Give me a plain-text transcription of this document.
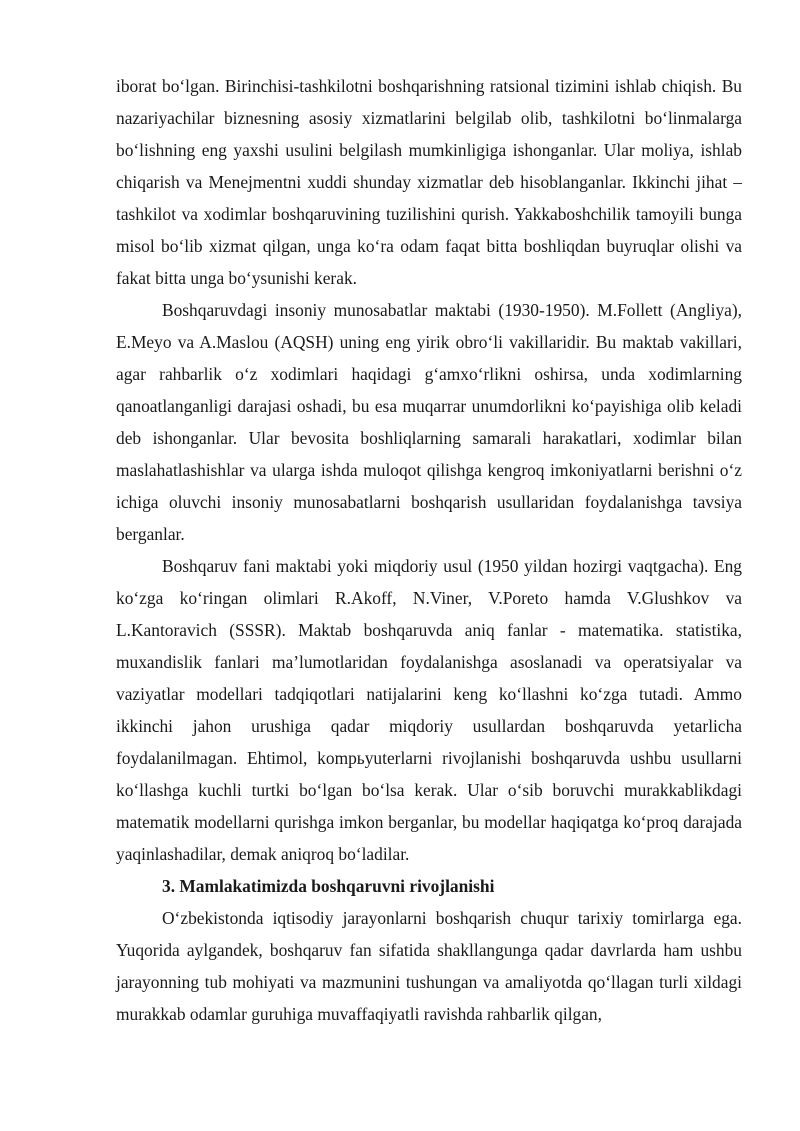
iborat bo‘lgan. Birinchisi-tashkilotni boshqarishning ratsional tizimini ishlab chiqish. Bu nazariyachilar biznesning asosiy xizmatlarini belgilab olib, tashkilotni bo‘linmalarga bo‘lishning eng yaxshi usulini belgilash mumkinligiga ishonganlar. Ular moliya, ishlab chiqarish va Menejmentni xuddi shunday xizmatlar deb hisoblanganlar. Ikkinchi jihat – tashkilot va xodimlar boshqaruvining tuzilishini qurish. Yakkaboshchilik tamoyili bunga misol bo‘lib xizmat qilgan, unga ko‘ra odam faqat bitta boshliqdan buyruqlar olishi va fakat bitta unga bo‘ysunishi kerak.

Boshqaruvdagi insoniy munosabatlar maktabi (1930-1950). M.Follett (Angliya), E.Meyo va A.Maslou (AQSH) uning eng yirik obro‘li vakillaridir. Bu maktab vakillari, agar rahbarlik o‘z xodimlari haqidagi g‘amxo‘rlikni oshirsa, unda xodimlarning qanoatlanganligi darajasi oshadi, bu esa muqarrar unumdorlikni ko‘payishiga olib keladi deb ishonganlar. Ular bevosita boshliqlarning samarali harakatlari, xodimlar bilan maslahatlashishlar va ularga ishda muloqot qilishga kengroq imkoniyatlarni berishni o‘z ichiga oluvchi insoniy munosabatlarni boshqarish usullaridan foydalanishga tavsiya berganlar.

Boshqaruv fani maktabi yoki miqdoriy usul (1950 yildan hozirgi vaqtgacha). Eng ko‘zga ko‘ringan olimlari R.Akoff, N.Viner, V.Poreto hamda V.Glushkov va L.Kantoravich (SSSR). Maktab boshqaruvda aniq fanlar - matematika. statistika, muxandislik fanlari ma’lumotlaridan foydalanishga asoslanadi va operatsiyalar va vaziyatlar modellari tadqiqotlari natijalarini keng ko‘llashni ko‘zga tutadi. Ammo ikkinchi jahon urushiga qadar miqdoriy usullardan boshqaruvda yetarlicha foydalanilmagan. Ehtimol, kompьyuterlarni rivojlanishi boshqaruvda ushbu usullarni ko‘llashga kuchli turtki bo‘lgan bo‘lsa kerak. Ular o‘sib boruvchi murakkablikdagi matematik modellarni qurishga imkon berganlar, bu modellar haqiqatga ko‘proq darajada yaqinlashadilar, demak aniqroq bo‘ladilar.

3. Mamlakatimizda boshqaruvni rivojlanishi

O‘zbekistonda iqtisodiy jarayonlarni boshqarish chuqur tarixiy tomirlarga ega. Yuqorida aylgandek, boshqaruv fan sifatida shakllangunga qadar davrlarda ham ushbu jarayonning tub mohiyati va mazmunini tushungan va amaliyotda qo‘llagan turli xildagi murakkab odamlar guruhiga muvaffaqiyatli ravishda rahbarlik qilgan,
